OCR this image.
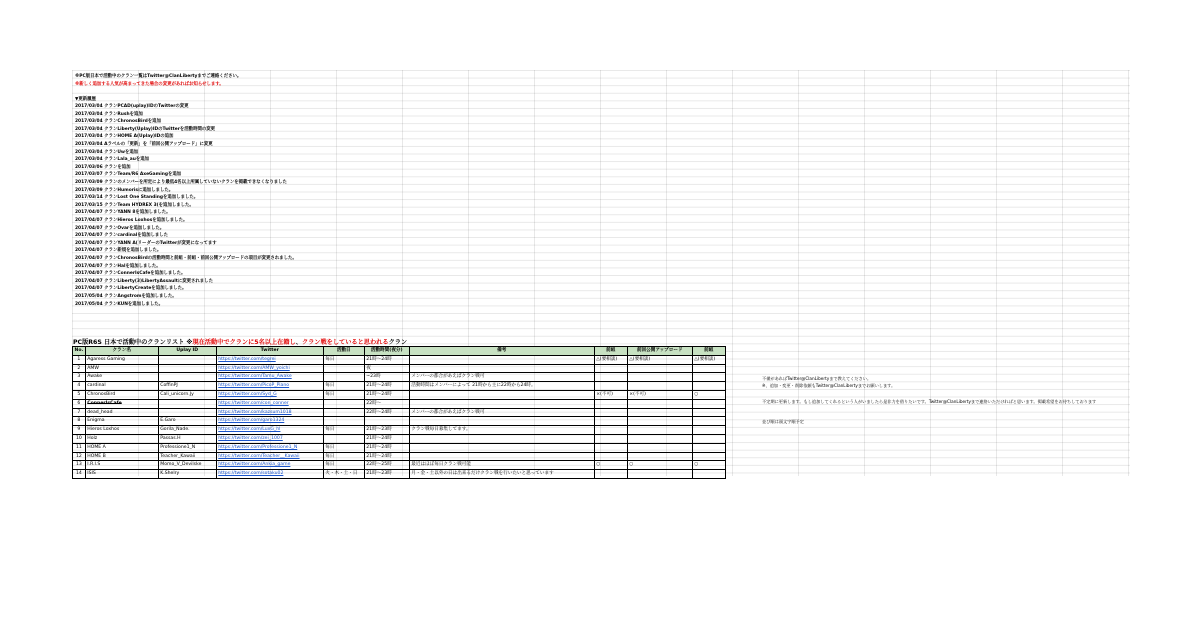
※PC版日本で活動中のクラン一覧はTwitter@ClanLibertyまでご連絡ください。
※新しく追加する人気が高まってきた場合の変更があればお知らせします。
▼更新履歴
2017/03/04 クランPCAD(uplay)IDのTwitterの変更
2017/03/04 クランRushを追加
2017/03/04 クランChronosBirdを追加
2017/03/04 クランLiberty(Uplay)IDのTwitterを活動時間の変更
2017/03/04 クランHOME A(Uplay)IDの追加
2017/03/04 Aラベルの「更新」を「前回公開アップロード」に変更
2017/03/04 クランUwを追加
2017/03/04 クランLala_auを追加
2017/03/06 クランを追加
2017/03/07 クランTeam/R6 AxeGamingを追加
2017/03/09 クランのメンバーを所定により最低4名以上所属していないクランを掲載できなくなりました
2017/03/09 クランHumorisに追加しました。
2017/03/14 クランLost One Standingを追加しました。
2017/03/15 クランTeam HYDREX 3(を追加しました。
2017/04/07 クランYANN 8を追加しました。
2017/04/07 クランHieros Loxhosを追加しました。
2017/04/07 クランOvarを追加しました。
2017/04/07 クランcardinalを追加しました
2017/04/07 クランYANN A(リーダーのTwitterが変更になってます
2017/04/07 クラン新規を追加しました。
2017/04/07 クランChronosBirdの活動時間と前組・前組・前回公開アップロードの項目が変更されました。
2017/04/07 クランHalを追加しました。
2017/04/07 クランConnerIsCafeを追加しました。
2017/04/07 クランLiberty(3)LibertyAssaultに変更されました
2017/04/07 クランLibertyCreateを追加しました。
2017/05/04 クランAngstromを追加しました。
2017/05/04 クランKUNを追加しました。
PC版R6S 日本で活動中のクランリスト ※現在活動中でクランに5名以上在籍し、クラン戦をしていると思われるクラン
No.	クラン名	Uplay ID	Twitter	活動日	活動時間(夜分)	備考	前組	前回公開アップロード	前組
1	Agaress Gaming		https://twitter.com/tegrei	毎日	21時～24時		△(要相談)	△(要相談)	△(要相談)
2	AMW		https://twitter.com/AMW_yoichi		夜				
3	Awake		https://twitter.com/Tamu_Awake		~23時	メンバーの都合があえばクラン戦可			
4	cardinal	CoffinPJ	https://twitter.com/PicoP_Piano	毎日	21時～24時	活動時間はメンバーによって 21時から主に22時から24時。			
5	ChronosBird	Cali_unicorn.Jy	https://twitter.com/Syd_G	毎日	21時～24時		×(不可)	×(不可)	○
6	ConnerIsCafe		https://twitter.com/con_conner		22時～				
7	dead_head		https://twitter.com/kazsum1018		22時～24時	メンバーの都合があえばクラン戦可			
8	Enigma	E.Garo	https://twitter.com/garo1324						
9	Hieros Loxhos	Gorila_Nade.	https://twitter.com/LuxG_hl	毎日	21時～23時	クラン戦毎日募集してます。			
10	Holz	Passas.H	https://twitter.com/zei_1007		21時～24時				
11	HOME A	Professione1_N	https://twitter.com/Professione1_N	毎日	21時～24時				
12	HOME B	Teacher_Kawaii	https://twitter.com/Teacher__Kawaii	毎日	21時～24時				
13	I.R.I.S	Momo_V_Devilske	https://twitter.com/Ankia_game	毎日	22時～25時	最近はほぼ毎日クラン戦可能	○	○	○
14	ISIS	K.Shelry	https://twitter.com/sotaku02	火・木・土・日	21時～23時	月・金・土以外の日は出来るだけクラン戦を行いたいと思っています			
不備があればTwitter@ClanLibertyまで教えてください。
※、追加・変更・削除依頼もTwitter@ClanLibertyまでお願いします。
不定期に更新します。もし追加してくれるという人がいましたら是非力を借りたいです。Twitter@ClanLibertyまで連絡いただければと思います。掲載希望をお待ちしております
並び順は頭文字順予定
